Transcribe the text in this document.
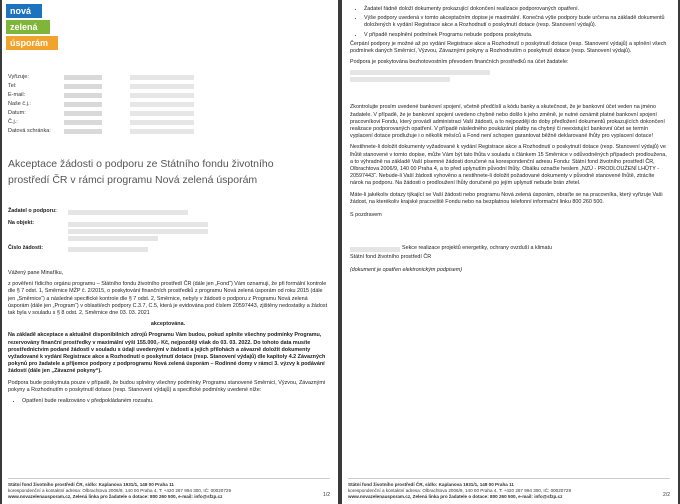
nová
zelená
úsporám
Vyřizuje:
Tel:
E-mail:
Naše č.j.:
Datum:
Č.j.:
Datová schránka:
Akceptace žádosti o podporu ze Státního fondu životního prostředí ČR v rámci programu Nová zelená úsporám
Žadatel o podporu:
Na objekt:
Číslo žádosti:

Vážený pane Minaříku,

z pověření řídicího orgánu programu – Státního fondu životního prostředí ČR (dále jen „Fond“) Vám oznamuji, že při formální kontrole dle § 7 odst. 1, Směrnice MŽP č. 2/2015, o poskytování finančních prostředků z programu Nová zelená úsporám od roku 2015 (dále jen „Směrnice“) a následné specifické kontrole dle § 7 odst. 2, Směrnice, nebyly v žádosti o podporu z Programu Nová zelená úsporám (dále jen „Program“) v oblasti/ech podpory C.3.7, C.5, která je evidována pod číslem 20597443, zjištěny nedostatky a žádost tak byla v souladu s § 8 odst. 2, Směrnice dne 03. 03. 2021

akceptována.

Na základě akceptace a aktuálně disponibilních zdrojů Programu Vám budou, pokud splníte všechny podmínky Programu, rezervovány finanční prostředky v maximální výši 155.000,- Kč, nejpozději však do 03. 03. 2022. Do tohoto data musíte prostřednictvím podané žádosti v souladu s údaji uvedenými v žádosti a jejích přílohách a závazně doložit dokumenty vyžadované k vydání Registrace akce a Rozhodnutí o poskytnutí dotace (resp. Stanovení výdajů) dle kapitoly 4.2 Závazných pokynů pro žadatele a příjemce podpory z podprogramu Nová zelená úsporám – Rodinné domy v rámci 3. výzvy k podávání žádostí (dále jen „Závazné pokyny“).

Podpora bude poskytnuta pouze v případě, že budou splněny všechny podmínky Programu stanovené Směrnicí, Výzvou, Závaznými pokyny a Rozhodnutím o poskytnutí dotace (resp. Stanovení výdajů) a specifické podmínky uvedené níže:

• Opatření bude realizováno v předpokládaném rozsahu.
Státní fond životního prostředí ČR, sídlo: Kaplanova 1931/1, 148 00 Praha 11
korespondenční a kontaktní adresa: Olbrachtova 2006/9, 140 00 Praha 4, T: +420 267 994 300, IČ: 00020729
www.novazelenausporam.cz, Zelená linka pro žadatele o dotace: 800 260 500, e-mail: info@sfzp.cz	1/2
• Žadatel řádně doloží dokumenty prokazující dokončení realizace podporovaných opatření.
• Výše podpory uvedená v tomto akceptačním dopise je maximální. Konečná výše podpory bude určena na základě dokumentů doložených k vydání Registrace akce a Rozhodnutí o poskytnutí dotace (resp. Stanovení výdajů).
• V případě nesplnění podmínek Programu nebude podpora poskytnuta.

Čerpání podpory je možné až po vydání Registrace akce a Rozhodnutí o poskytnutí dotace (resp. Stanovení výdajů) a splnění všech podmínek daných Směrnicí, Výzvou, Závaznými pokyny a Rozhodnutím o poskytnutí dotace (resp. Stanovení výdajů).

Podpora je poskytována bezhotovostním převodem finančních prostředků na účet žadatele:

Zkontrolujte prosím uvedené bankovní spojení, včetně předčíslí a kódu banky a skutečnost, že je bankovní účet veden na jméno žadatele. V případě, že je bankovní spojení uvedeno chybně nebo došlo k jeho změně, je nutné oznámit platné bankovní spojení pracovníkovi Fondu, který provádí administraci Vaší žádosti, a to nejpozději do doby předložení dokumentů prokazujících dokončení realizace podporovaných opatření. V případě následného poukázání platby na chybný či neexistující bankovní účet se termín vyplacení dotace prodlužuje i o několik měsíců a Fond není schopen garantovat běžně deklarované lhůty pro vyplacení dotace!

Nestihnete-li doložit dokumenty vyžadované k vydání Registrace akce a Rozhodnutí o poskytnutí dotace (resp. Stanovení výdajů) ve lhůtě stanovené v tomto dopise, může Vám být tato lhůta v souladu s článkem 15 Směrnice v odůvodněných případech prodloužena, a to výhradně na základě Vaší písemné žádosti doručené na korespondenční adresu Fondu: Státní fond životního prostředí ČR, Olbrachtova 2006/9, 140 00 Praha 4, a to před uplynutím původní lhůty. Obálku označte heslem „NZÚ - PRODLOUŽENÍ LHŮTY - 20597443“. Nebude-li Vaší žádosti vyhověno a nestihnete-li doložit požadované dokumenty v původně stanovené lhůtě, ztrácíte nárok na podporu. Na žádosti o prodloužení lhůty doručené po jejím uplynutí nebude brán zřetel.

Máte-li jakékoliv dotazy týkající se Vaší žádosti nebo programu Nová zelená úsporám, obraťte se na pracovníka, který vyřizuje Vaši žádost, na kterékoliv krajské pracoviště Fondu nebo na bezplatnou telefonní informační linku 800 260 500.

S pozdravem

Sekce realizace projektů energetiky, ochrany ovzduší a klimatu
Státní fond životního prostředí ČR
(dokument je opatřen elektronickým podpisem)
Státní fond životního prostředí ČR, sídlo: Kaplanova 1931/1, 148 00 Praha 11
korespondenční a kontaktní adresa: Olbrachtova 2006/9, 140 00 Praha 4, T: +420 267 994 300, IČ: 00020729
www.novazelenausporam.cz, Zelená linka pro žadatele o dotace: 800 260 500, e-mail: info@sfzp.cz	2/2
